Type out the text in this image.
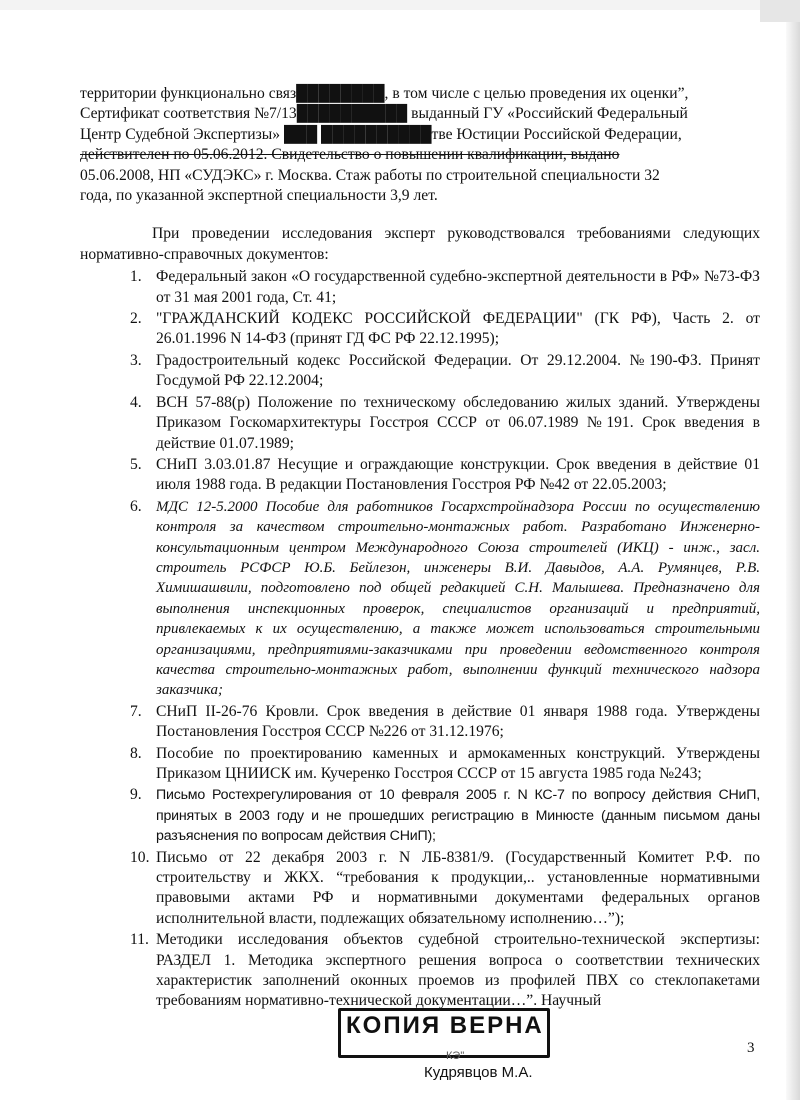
территории функционально связ████████, в том числе с целью проведения их оценки”,
Сертификат соответствия №7/13██████████ выданный ГУ «Российский Федеральный
Центр Судебной Экспертизы» ███ ██████████тве Юстиции Российской Федерации,
действителен по 05.06.2012. Свидетельство о повышении квалификации, выдано
05.06.2008, НП «СУДЭКС» г. Москва. Стаж работы по строительной специальности 32
года, по указанной экспертной специальности 3,9 лет.

При проведении исследования эксперт руководствовался требованиями следующих нормативно-справочных документов:

1. Федеральный закон «О государственной судебно-экспертной деятельности в РФ» №73-ФЗ от 31 мая 2001 года, Ст. 41;
2. "ГРАЖДАНСКИЙ КОДЕКС РОССИЙСКОЙ ФЕДЕРАЦИИ" (ГК РФ), Часть 2. от 26.01.1996 N 14-ФЗ (принят ГД ФС РФ 22.12.1995);
3. Градостроительный кодекс Российской Федерации. От 29.12.2004. №190-ФЗ. Принят Госдумой РФ 22.12.2004;
4. ВСН 57-88(р) Положение по техническому обследованию жилых зданий. Утверждены Приказом Госкомархитектуры Госстроя СССР от 06.07.1989 №191. Срок введения в действие 01.07.1989;
5. СНиП 3.03.01.87 Несущие и ограждающие конструкции. Срок введения в действие 01 июля 1988 года. В редакции Постановления Госстроя РФ №42 от 22.05.2003;
6. МДС 12-5.2000 Пособие для работников Госархстройнадзора России по осуществлению контроля за качеством строительно-монтажных работ. Разработано Инженерно-консультационным центром Международного Союза строителей (ИКЦ) - инж., засл. строитель РСФСР Ю.Б. Бейлезон, инженеры В.И. Давыдов, А.А. Румянцев, Р.В. Химишашвили, подготовлено под общей редакцией С.Н. Малышева. Предназначено для выполнения инспекционных проверок, специалистов организаций и предприятий, привлекаемых к их осуществлению, а также может использоваться строительными организациями, предприятиями-заказчиками при проведении ведомственного контроля качества строительно-монтажных работ, выполнении функций технического надзора заказчика;
7. СНиП II-26-76 Кровли. Срок введения в действие 01 января 1988 года. Утверждены Постановления Госстроя СССР №226 от 31.12.1976;
8. Пособие по проектированию каменных и армокаменных конструкций. Утверждены Приказом ЦНИИСК им. Кучеренко Госстроя СССР от 15 августа 1985 года №243;
9.	Письмо Ростехрегулирования от 10 февраля 2005 г. N КС-7 по вопросу действия СНиП, принятых в 2003 году и не прошедших регистрацию в Минюсте (данным письмом даны разъяснения по вопросам действия СНиП);
10. Письмо от 22 декабря 2003 г. N ЛБ-8381/9. (Государственный Комитет Р.Ф. по строительству и ЖКХ. “требования к продукции,.. установленные нормативными правовыми актами РФ и нормативными документами федеральных органов исполнительной власти, подлежащих обязательному исполнению…”);
11. Методики исследования объектов судебной строительно-технической экспертизы: РАЗДЕЛ 1. Методика экспертного решения вопроса о соответствии технических характеристик заполнений оконных проемов из профилей ПВХ со стеклопакетами требованиям нормативно-технической документации…”. Научный
КОПИЯ ВЕРНА
КЭ"
Кудрявцов М.А.
3
